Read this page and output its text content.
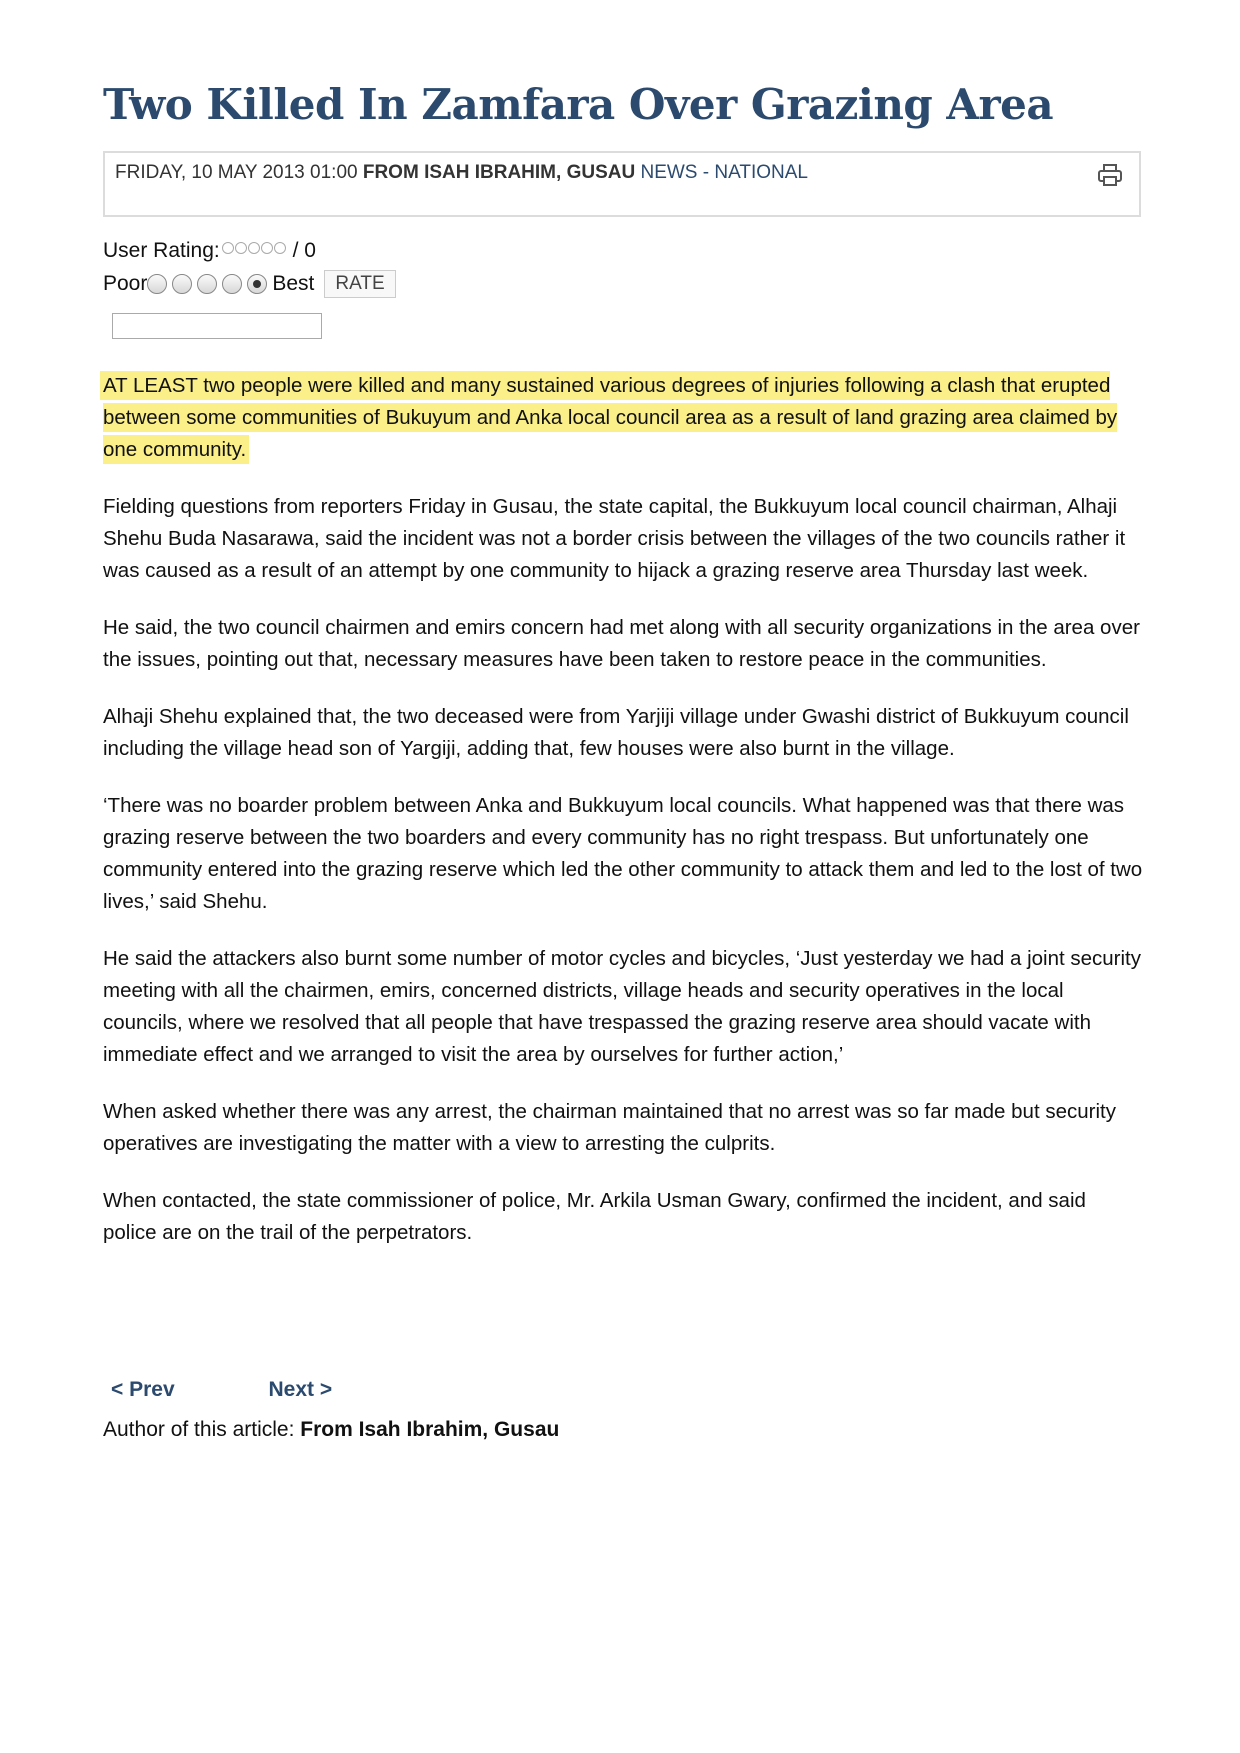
Two Killed In Zamfara Over Grazing Area
FRIDAY, 10 MAY 2013 01:00 FROM ISAH IBRAHIM, GUSAU NEWS - NATIONAL
User Rating:	/ 0
Poor	Best	RATE

AT LEAST two people were killed and many sustained various degrees of injuries following a clash that erupted between some communities of Bukuyum and Anka local council area as a result of land grazing area claimed by one community.

Fielding questions from reporters Friday in Gusau, the state capital, the Bukkuyum local council chairman, Alhaji Shehu Buda Nasarawa, said the incident was not a border crisis between the villages of the two councils rather it was caused as a result of an attempt by one community to hijack a grazing reserve area Thursday last week.

He said, the two council chairmen and emirs concern had met along with all security organizations in the area over the issues, pointing out that, necessary measures have been taken to restore peace in the communities.

Alhaji Shehu explained that, the two deceased were from Yarjiji village under Gwashi district of Bukkuyum council including the village head son of Yargiji, adding that, few houses were also burnt in the village.

‘There was no boarder problem between Anka and Bukkuyum local councils. What happened was that there was grazing reserve between the two boarders and every community has no right trespass. But unfortunately one community entered into the grazing reserve which led the other community to attack them and led to the lost of two lives,’ said Shehu.

He said the attackers also burnt some number of motor cycles and bicycles, ‘Just yesterday we had a joint security meeting with all the chairmen, emirs, concerned districts, village heads and security operatives in the local councils, where we resolved that all people that have trespassed the grazing reserve area should vacate with immediate effect and we arranged to visit the area by ourselves for further action,’

When asked whether there was any arrest, the chairman maintained that no arrest was so far made but security operatives are investigating the matter with a view to arresting the culprits.

When contacted, the state commissioner of police, Mr. Arkila Usman Gwary, confirmed the incident, and said police are on the trail of the perpetrators.

< Prev	Next >
Author of this article: From Isah Ibrahim, Gusau
